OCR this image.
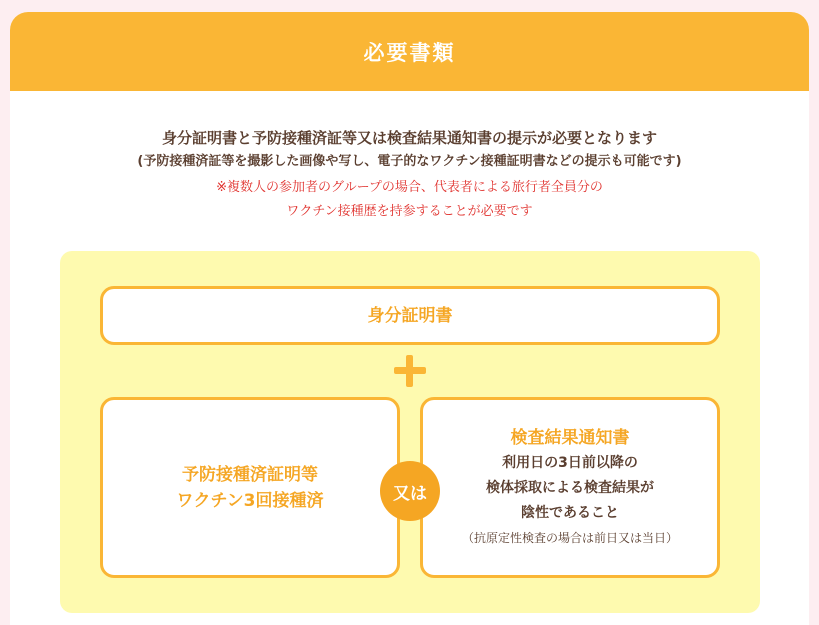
必要書類

身分証明書と予防接種済証等又は検査結果通知書の提示が必要となります

(予防接種済証等を撮影した画像や写し、電子的なワクチン接種証明書などの提示も可能です)

※複数人の参加者のグループの場合、代表者による旅行者全員分の

ワクチン接種歴を持参することが必要です

身分証明書
予防接種済証明等
ワクチン3回接種済
検査結果通知書
利用日の3日前以降の
検体採取による検査結果が
陰性であること
（抗原定性検査の場合は前日又は当日）
又は
